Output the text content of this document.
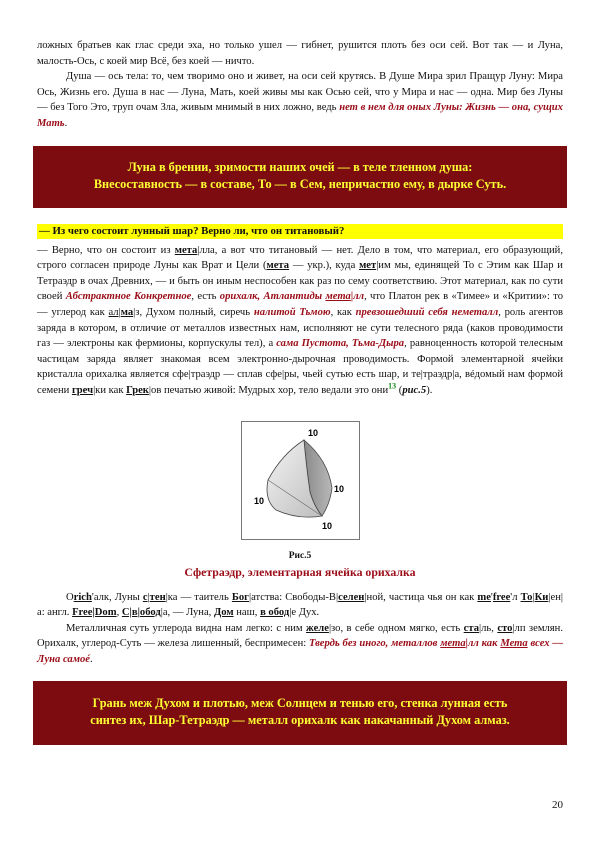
ложных братьев как глас среди эха, но только ушел — гибнет, рушится плоть без оси сей. Вот так — и Луна, малость-Ось, с коей мир Всё, без коей — ничто.

Душа — ось тела: то, чем творимо оно и живет, на оси сей крутясь. В Душе Мира зрил Пращур Луну: Мира Ось, Жизнь его. Душа в нас — Луна, Мать, коей живы мы как Осью сей, что у Мира и нас — одна. Мир без Луны — без Того Это, труп очам Зла, живым мнимый в них ложно, ведь нет в нем для оных Луны: Жизнь — она, сущих Мать.

Луна в брении, зримости наших очей — в теле тленном душа:
Внесоставность — в составе, То — в Сем, непричастно ему, в дырке Суть.
— Из чего состоит лунный шар? Верно ли, что он титановый?

— Верно, что он состоит из мета|лла, а вот что титановый — нет. Дело в том, что материал, его образующий, строго согласен природе Луны как Врат и Цели (мета — укр.), куда мет|им мы, единящей То с Этим как Шар и Тетраэдр в очах Древних, — и быть он иным неспособен как раз по сему соответствию. Этот материал, как по сути своей Абстрактное Конкретное, есть орихалк, Атлантиды мета|лл, что Платон рек в «Тимее» и «Критии»: то — углерод как ал|ма|з, Духом полный, сиречь налитой Тьмою, как превзошедший себя неметалл, роль агентов заряда в котором, в отличие от металлов известных нам, исполняют не сути телесного ряда (каков проводимости газ — электроны как фермионы, корпускулы тел), а сама Пустота, Тьма-Дыра, равноценность которой телесным частицам заряда являет знакомая всем электронно-дырочная проводимость. Формой элементарной ячейки кристалла орихалка является сфе|траэдр — сплав сфе|ры, чьей сутью есть шар, и те|траэдр|а, вéдомый нам формой семени греч|ки как Грек|ов печатью живой: Мудрых хор, тело ведали это они$^{13}$ (рис.5).

10
10
10
10
Рис.5
Сфетраэдр, элементарная ячейка орихалка

Orich'алк, Луны с|тен|ка — таитель Бог|атства: Свободы-В|селен|ной, частица чья он как me'free'л То|Ки|ен|а: англ. Free|Dom, С|в|обод|а, — Луна, Дом наш, в обод|е Дух.

Металличная суть углерода видна нам легко: с ним желе|зо, в себе одном мягко, есть ста|ль, сто|лп землян. Орихалк, углерод-Суть — железа лишенный, беспримесен: Твердь без иного, металлов мета|лл как Мета всех — Луна самоé.

Грань меж Духом и плотью, меж Солнцем и тенью его, стенка лунная есть
синтез их, Шар-Тетраэдр — металл орихалк как накачанный Духом алмаз.
20
